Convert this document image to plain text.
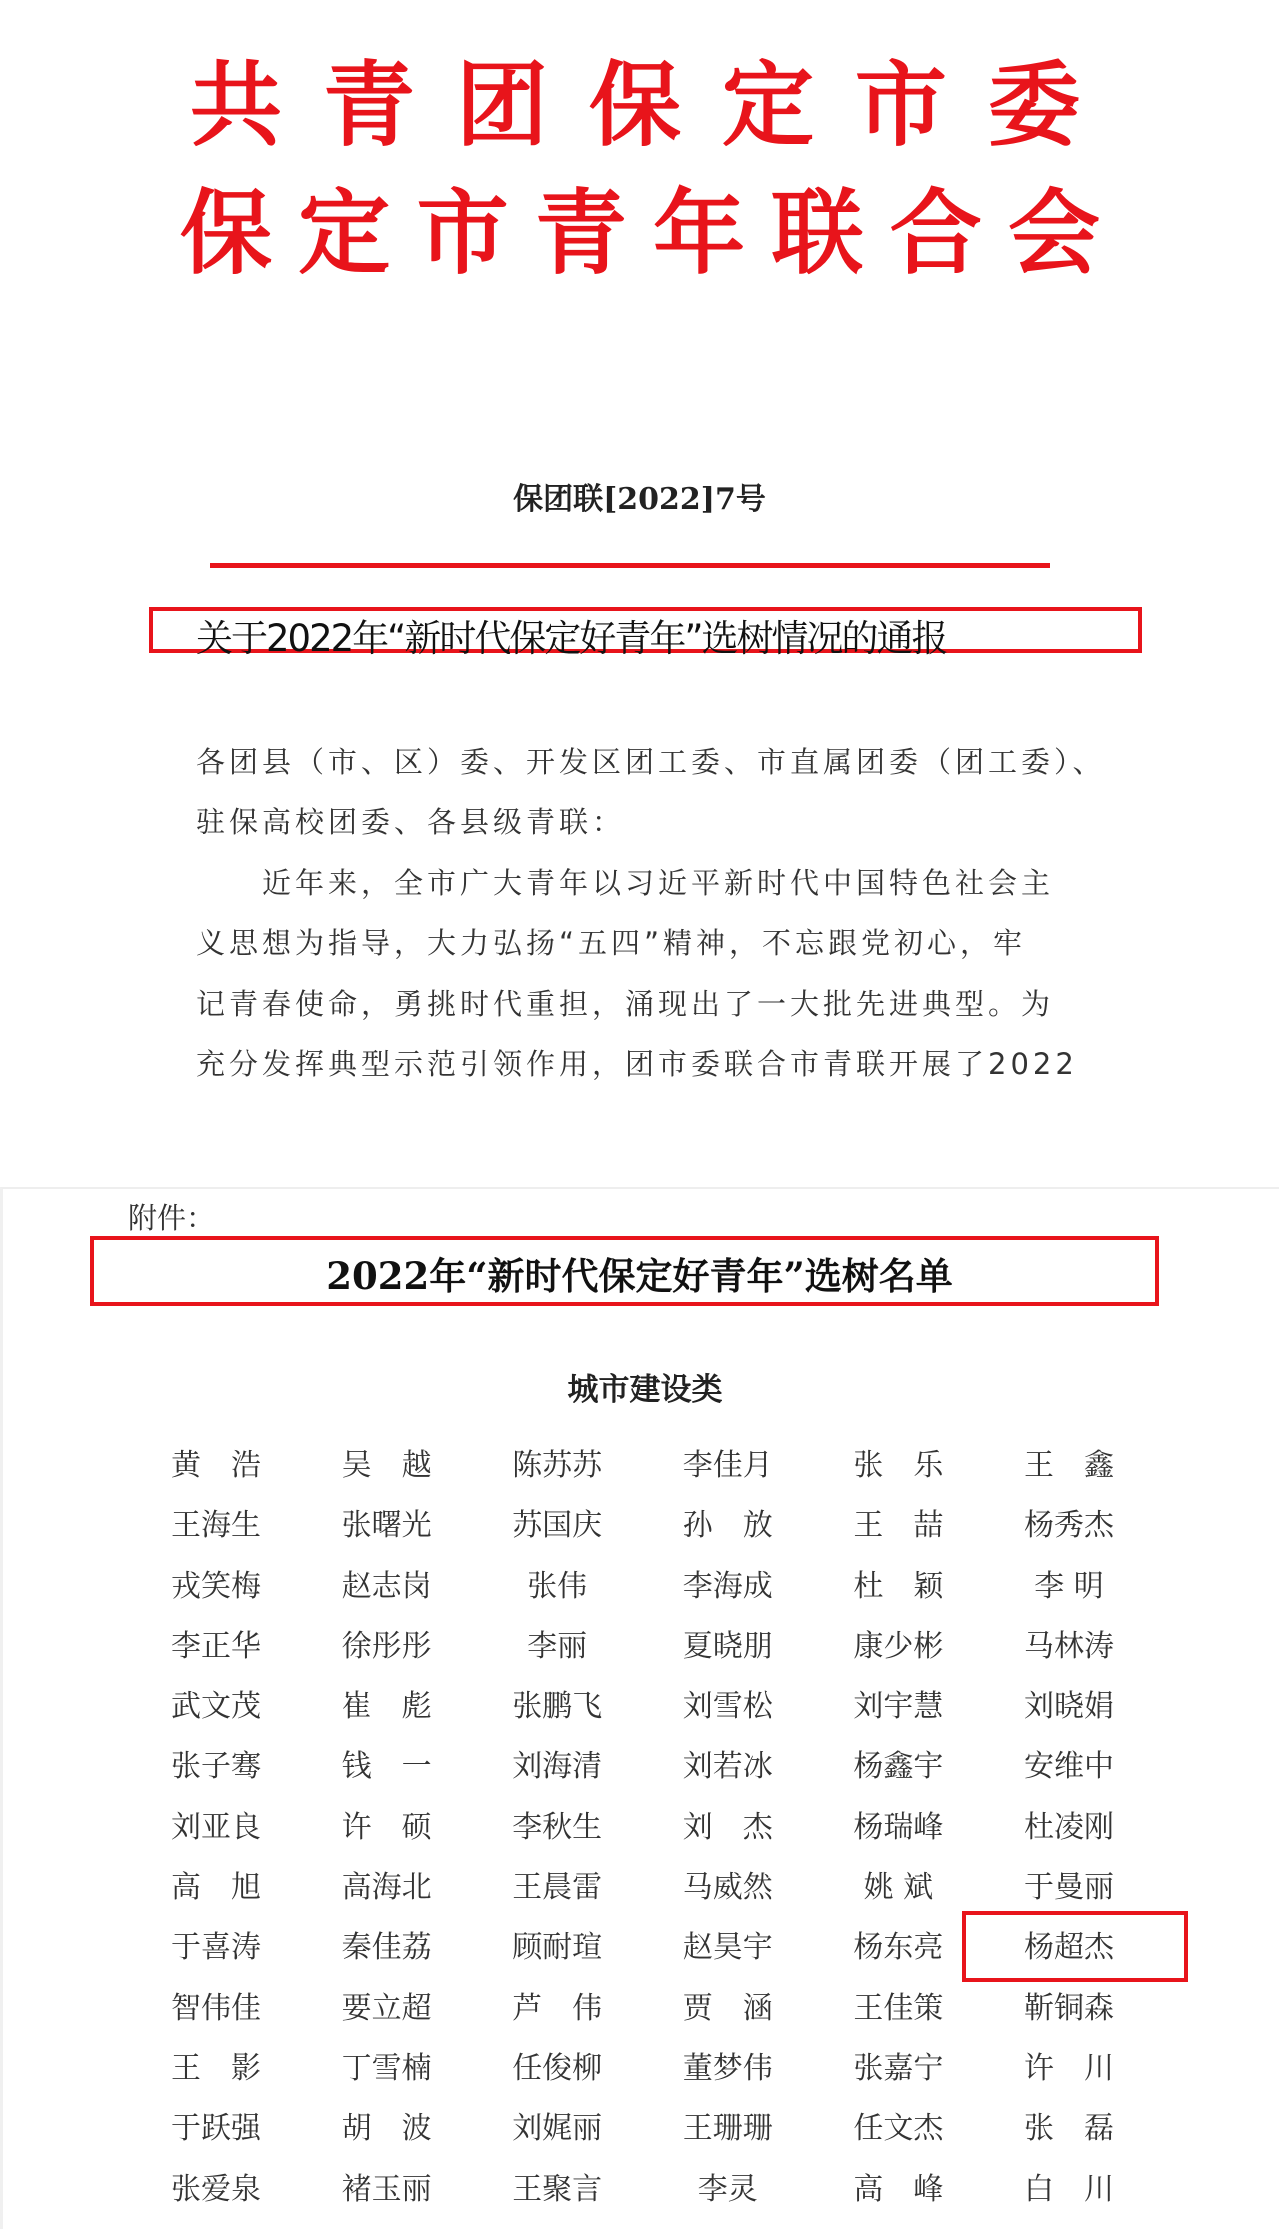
共 青 团 保 定 市 委
保 定 市 青 年 联 合 会
保团联[2022]7号
关于2022年“新时代保定好青年”选树情况的通报
各团县（市、区）委、开发区团工委、市直属团委（团工委）、
驻保高校团委、各县级青联：
　　近年来，全市广大青年以习近平新时代中国特色社会主
义思想为指导，大力弘扬“五四”精神，不忘跟党初心，牢
记青春使命，勇挑时代重担，涌现出了一大批先进典型。为
充分发挥典型示范引领作用，团市委联合市青联开展了2022
附件：
2022年“新时代保定好青年”选树名单
城市建设类
黄　浩	吴　越	陈苏苏	李佳月	张　乐	王　鑫
王海生	张曙光	苏国庆	孙　放	王　喆	杨秀杰
戎笑梅	赵志岗	张伟	李海成	杜　颖	李 明
李正华	徐彤彤	李丽	夏晓朋	康少彬	马林涛
武文茂	崔　彪	张鹏飞	刘雪松	刘宇慧	刘晓娟
张子骞	钱　一	刘海清	刘若冰	杨鑫宇	安维中
刘亚良	许　硕	李秋生	刘　杰	杨瑞峰	杜凌刚
高　旭	高海北	王晨雷	马威然	姚 斌	于曼丽
于喜涛	秦佳荔	顾耐瑄	赵昊宇	杨东亮	杨超杰
智伟佳	要立超	芦　伟	贾　涵	王佳策	靳铜森
王　影	丁雪楠	任俊柳	董梦伟	张嘉宁	许　川
于跃强	胡　波	刘娓丽	王珊珊	任文杰	张　磊
张爱泉	褚玉丽	王聚言	李灵	高　峰	白　川
